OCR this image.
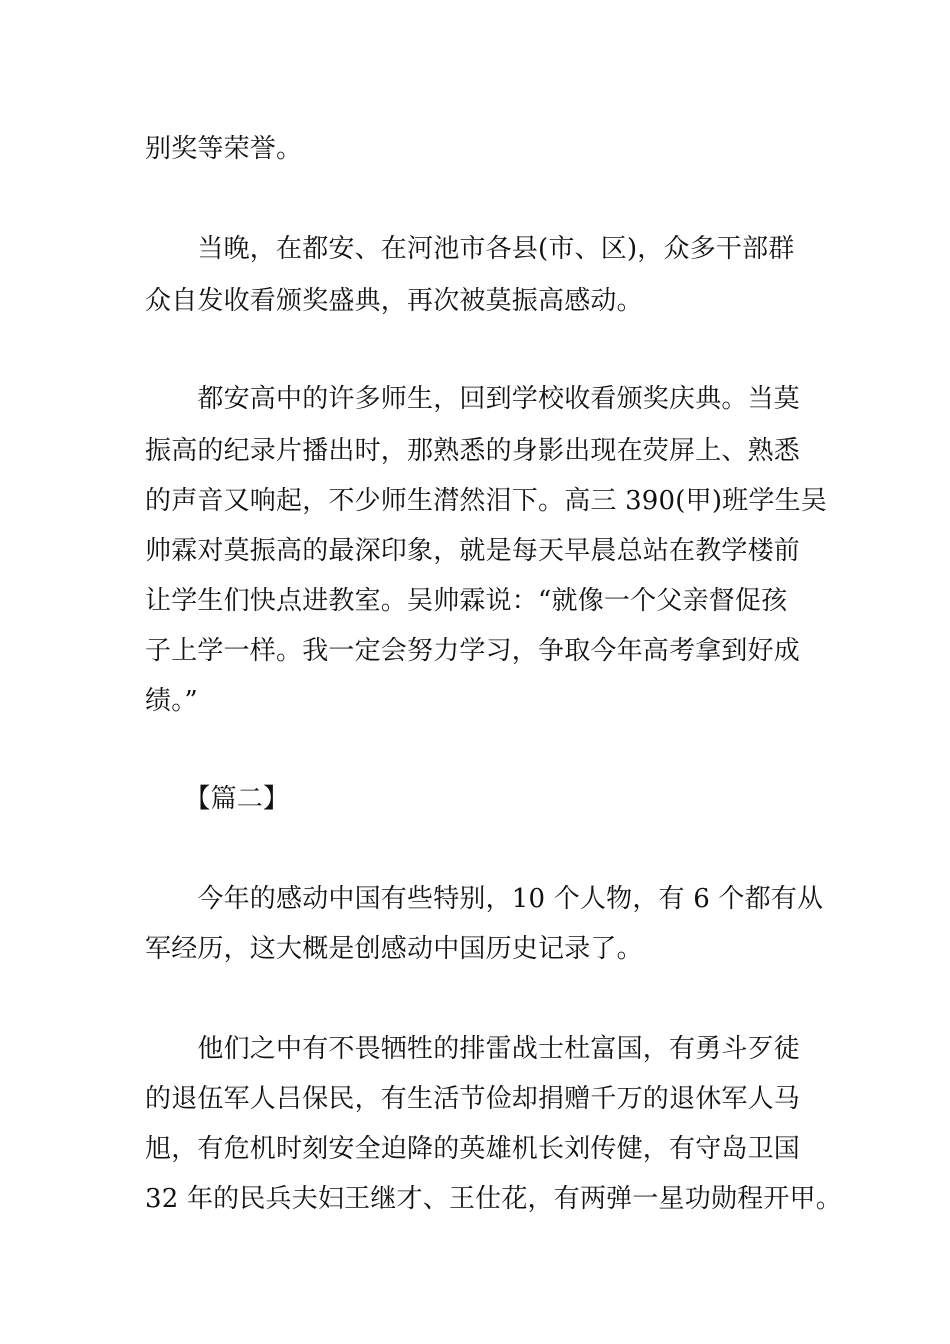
别奖等荣誉。
　　当晚，在都安、在河池市各县(市、区)，众多干部群
众自发收看颁奖盛典，再次被莫振高感动。
　　都安高中的许多师生，回到学校收看颁奖庆典。当莫
振高的纪录片播出时，那熟悉的身影出现在荧屏上、熟悉
的声音又响起，不少师生潸然泪下。高三 390(甲)班学生吴
帅霖对莫振高的最深印象，就是每天早晨总站在教学楼前
让学生们快点进教室。吴帅霖说：“就像一个父亲督促孩
子上学一样。我一定会努力学习，争取今年高考拿到好成
绩。”
　　【篇二】
　　今年的感动中国有些特别，10 个人物，有 6 个都有从
军经历，这大概是创感动中国历史记录了。
　　他们之中有不畏牺牲的排雷战士杜富国，有勇斗歹徒
的退伍军人吕保民，有生活节俭却捐赠千万的退休军人马
旭，有危机时刻安全迫降的英雄机长刘传健，有守岛卫国
32 年的民兵夫妇王继才、王仕花，有两弹一星功勋程开甲。
